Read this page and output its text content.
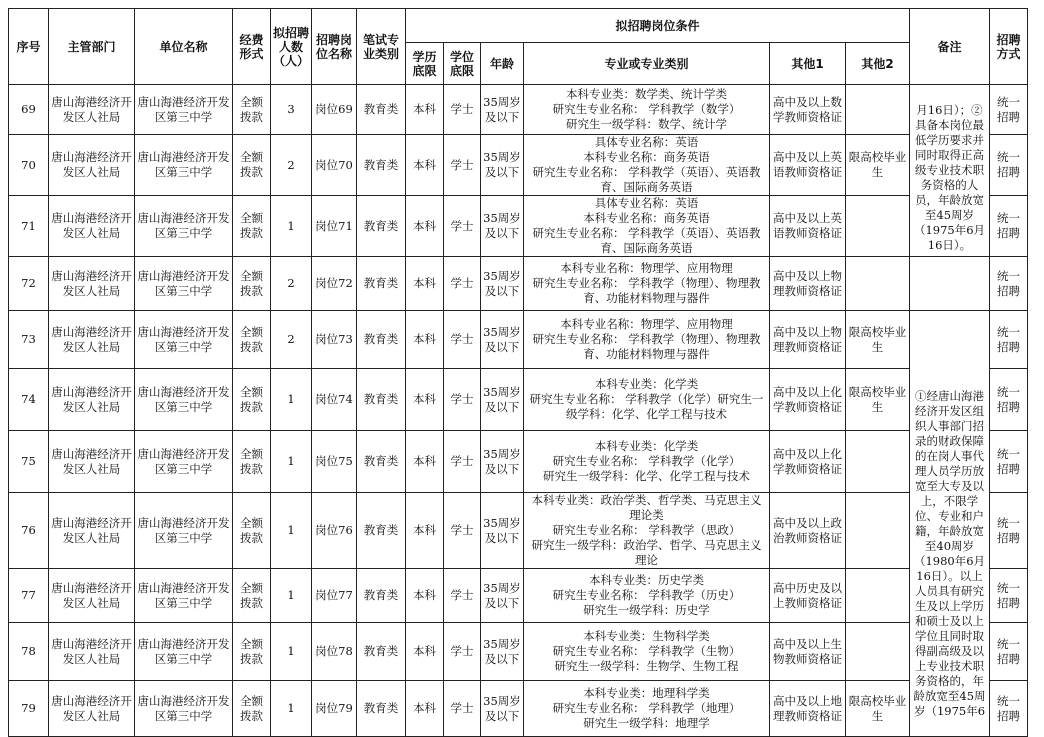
序号	主管部门	单位名称	经费形式	拟招聘人数（人）	招聘岗位名称	笔试专业类别	拟招聘岗位条件						备注	招聘方式
							学历底限	学位底限	年龄	专业或专业类别	其他1	其他2		
69	唐山海港经济开发区人社局	唐山海港经济开发区第三中学	全额拨款	3	岗位69	教育类	本科	学士	35周岁及以下	本科专业类：数学类、统计学类
研究生专业名称： 学科教学（数学）
研究生一级学科：数学、统计学	高中及以上数学教师资格证		月16日）；②具备本岗位最低学历要求并同时取得正高级专业技术职务资格的人员，年龄放宽至45周岁（1975年6月16日）。	统一招聘
70	唐山海港经济开发区人社局	唐山海港经济开发区第三中学	全额拨款	2	岗位70	教育类	本科	学士	35周岁及以下	具体专业名称：英语
本科专业名称：商务英语
研究生专业名称： 学科教学（英语）、英语教育、国际商务英语	高中及以上英语教师资格证	限高校毕业生		统一招聘
71	唐山海港经济开发区人社局	唐山海港经济开发区第三中学	全额拨款	1	岗位71	教育类	本科	学士	35周岁及以下	具体专业名称：英语
本科专业名称：商务英语
研究生专业名称： 学科教学（英语）、英语教育、国际商务英语	高中及以上英语教师资格证			统一招聘
72	唐山海港经济开发区人社局	唐山海港经济开发区第三中学	全额拨款	2	岗位72	教育类	本科	学士	35周岁及以下	本科专业名称：物理学、应用物理
研究生专业名称： 学科教学（物理）、物理教育、功能材料物理与器件	高中及以上物理教师资格证			统一招聘
73	唐山海港经济开发区人社局	唐山海港经济开发区第三中学	全额拨款	2	岗位73	教育类	本科	学士	35周岁及以下	本科专业名称：物理学、应用物理
研究生专业名称： 学科教学（物理）、物理教育、功能材料物理与器件	高中及以上物理教师资格证	限高校毕业生	①经唐山海港经济开发区组织人事部门招录的财政保障的在岗人事代理人员学历放宽至大专及以上，不限学位、专业和户籍，年龄放宽至40周岁（1980年6月16日）。以上人员具有研究生及以上学历和硕士及以上学位且同时取得副高级及以上专业技术职务资格的，年龄放宽至45周岁（1975年6	统一招聘
74	唐山海港经济开发区人社局	唐山海港经济开发区第三中学	全额拨款	1	岗位74	教育类	本科	学士	35周岁及以下	本科专业类：化学类
研究生专业名称： 学科教学（化学）研究生一级学科：化学、化学工程与技术	高中及以上化学教师资格证	限高校毕业生		统一招聘
75	唐山海港经济开发区人社局	唐山海港经济开发区第三中学	全额拨款	1	岗位75	教育类	本科	学士	35周岁及以下	本科专业类：化学类
研究生专业名称： 学科教学（化学）
研究生一级学科：化学、化学工程与技术	高中及以上化学教师资格证			统一招聘
76	唐山海港经济开发区人社局	唐山海港经济开发区第三中学	全额拨款	1	岗位76	教育类	本科	学士	35周岁及以下	本科专业类：政治学类、哲学类、马克思主义理论类
研究生专业名称： 学科教学（思政）
研究生一级学科：政治学、哲学、马克思主义理论	高中及以上政治教师资格证			统一招聘
77	唐山海港经济开发区人社局	唐山海港经济开发区第三中学	全额拨款	1	岗位77	教育类	本科	学士	35周岁及以下	本科专业类：历史学类
研究生专业名称： 学科教学（历史）
研究生一级学科：历史学	高中历史及以上教师资格证			统一招聘
78	唐山海港经济开发区人社局	唐山海港经济开发区第三中学	全额拨款	1	岗位78	教育类	本科	学士	35周岁及以下	本科专业类：生物科学类
研究生专业名称： 学科教学（生物）
研究生一级学科：生物学、生物工程	高中及以上生物教师资格证			统一招聘
79	唐山海港经济开发区人社局	唐山海港经济开发区第三中学	全额拨款	1	岗位79	教育类	本科	学士	35周岁及以下	本科专业类：地理科学类
研究生专业名称： 学科教学（地理）
研究生一级学科：地理学	高中及以上地理教师资格证	限高校毕业生		统一招聘
